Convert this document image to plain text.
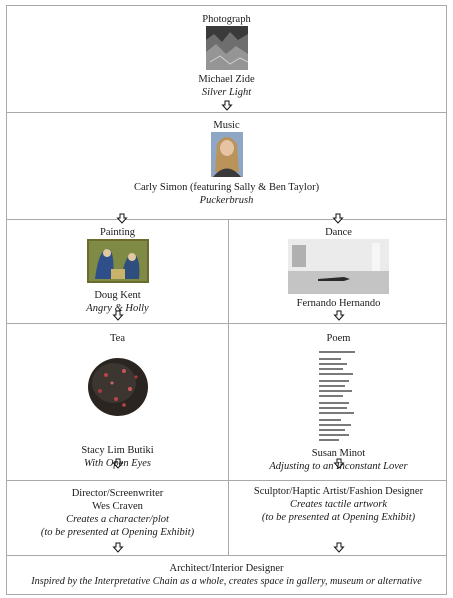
Photograph
Michael Zide
Silver Light
Music
Carly Simon (featuring Sally & Ben Taylor)
Puckerbrush
Painting
Doug Kent
Angry & Holly
Dance
Fernando Hernando
Tea
Stacy Lim Butiki
With Open Eyes
Poem
Susan Minot
Adjusting to an Inconstant Lover
Director/Screenwriter
Wes Craven
Creates a character/plot
(to be presented at Opening Exhibit)
Sculptor/Haptic Artist/Fashion Designer
Creates tactile artwork
(to be presented at Opening Exhibit)
Architect/Interior Designer
Inspired by the Interpretative Chain as a whole, creates space in gallery, museum or alternative
